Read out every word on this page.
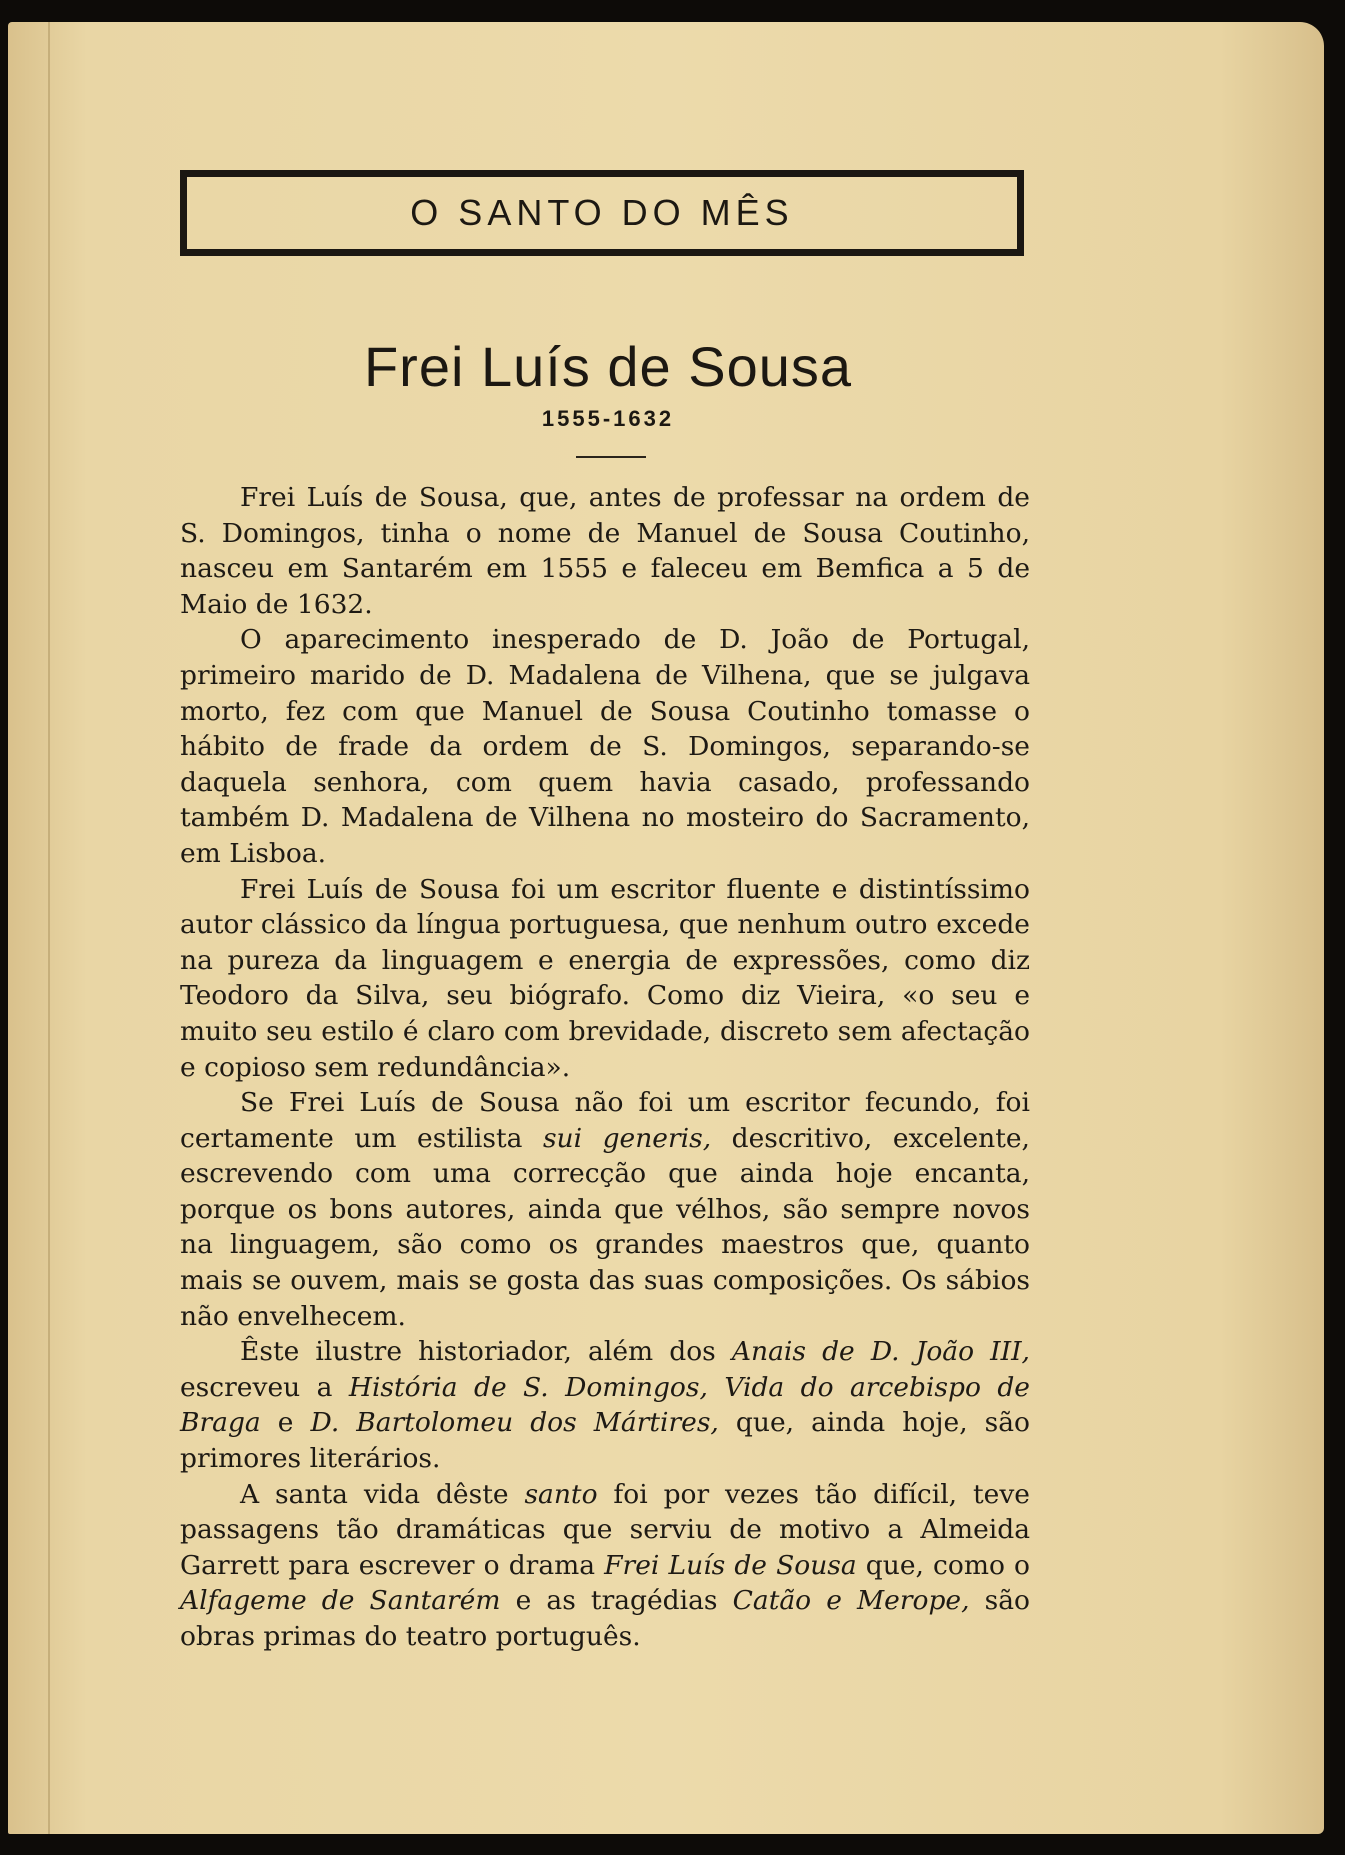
O SANTO DO MÊS
Frei Luís de Sousa
1555-1632

Frei Luís de Sousa, que, antes de professar na ordem de S. Domingos, tinha o nome de Manuel de Sousa Coutinho, nasceu em Santarém em 1555 e faleceu em Bemfica a 5 de Maio de 1632.

O aparecimento inesperado de D. João de Portugal, primeiro marido de D. Madalena de Vilhena, que se julgava morto, fez com que Manuel de Sousa Coutinho tomasse o hábito de frade da ordem de S. Domingos, separando-se daquela senhora, com quem havia casado, professando também D. Madalena de Vilhena no mosteiro do Sacramento, em Lisboa.

Frei Luís de Sousa foi um escritor fluente e distintíssimo autor clássico da língua portuguesa, que nenhum outro excede na pureza da linguagem e energia de expressões, como diz Teodoro da Silva, seu biógrafo. Como diz Vieira, «o seu e muito seu estilo é claro com brevidade, discreto sem afectação e copioso sem redundância».

Se Frei Luís de Sousa não foi um escritor fecundo, foi certamente um estilista sui generis, descritivo, excelente, escrevendo com uma correcção que ainda hoje encanta, porque os bons autores, ainda que vélhos, são sempre novos na linguagem, são como os grandes maestros que, quanto mais se ouvem, mais se gosta das suas composições. Os sábios não envelhecem.

Êste ilustre historiador, além dos Anais de D. João III, escreveu a História de S. Domingos, Vida do arcebispo de Braga e D. Bartolomeu dos Mártires, que, ainda hoje, são primores literários.

A santa vida dêste santo foi por vezes tão difícil, teve passagens tão dramáticas que serviu de motivo a Almeida Garrett para escrever o drama Frei Luís de Sousa que, como o Alfageme de Santarém e as tragédias Catão e Merope, são obras primas do teatro português.
